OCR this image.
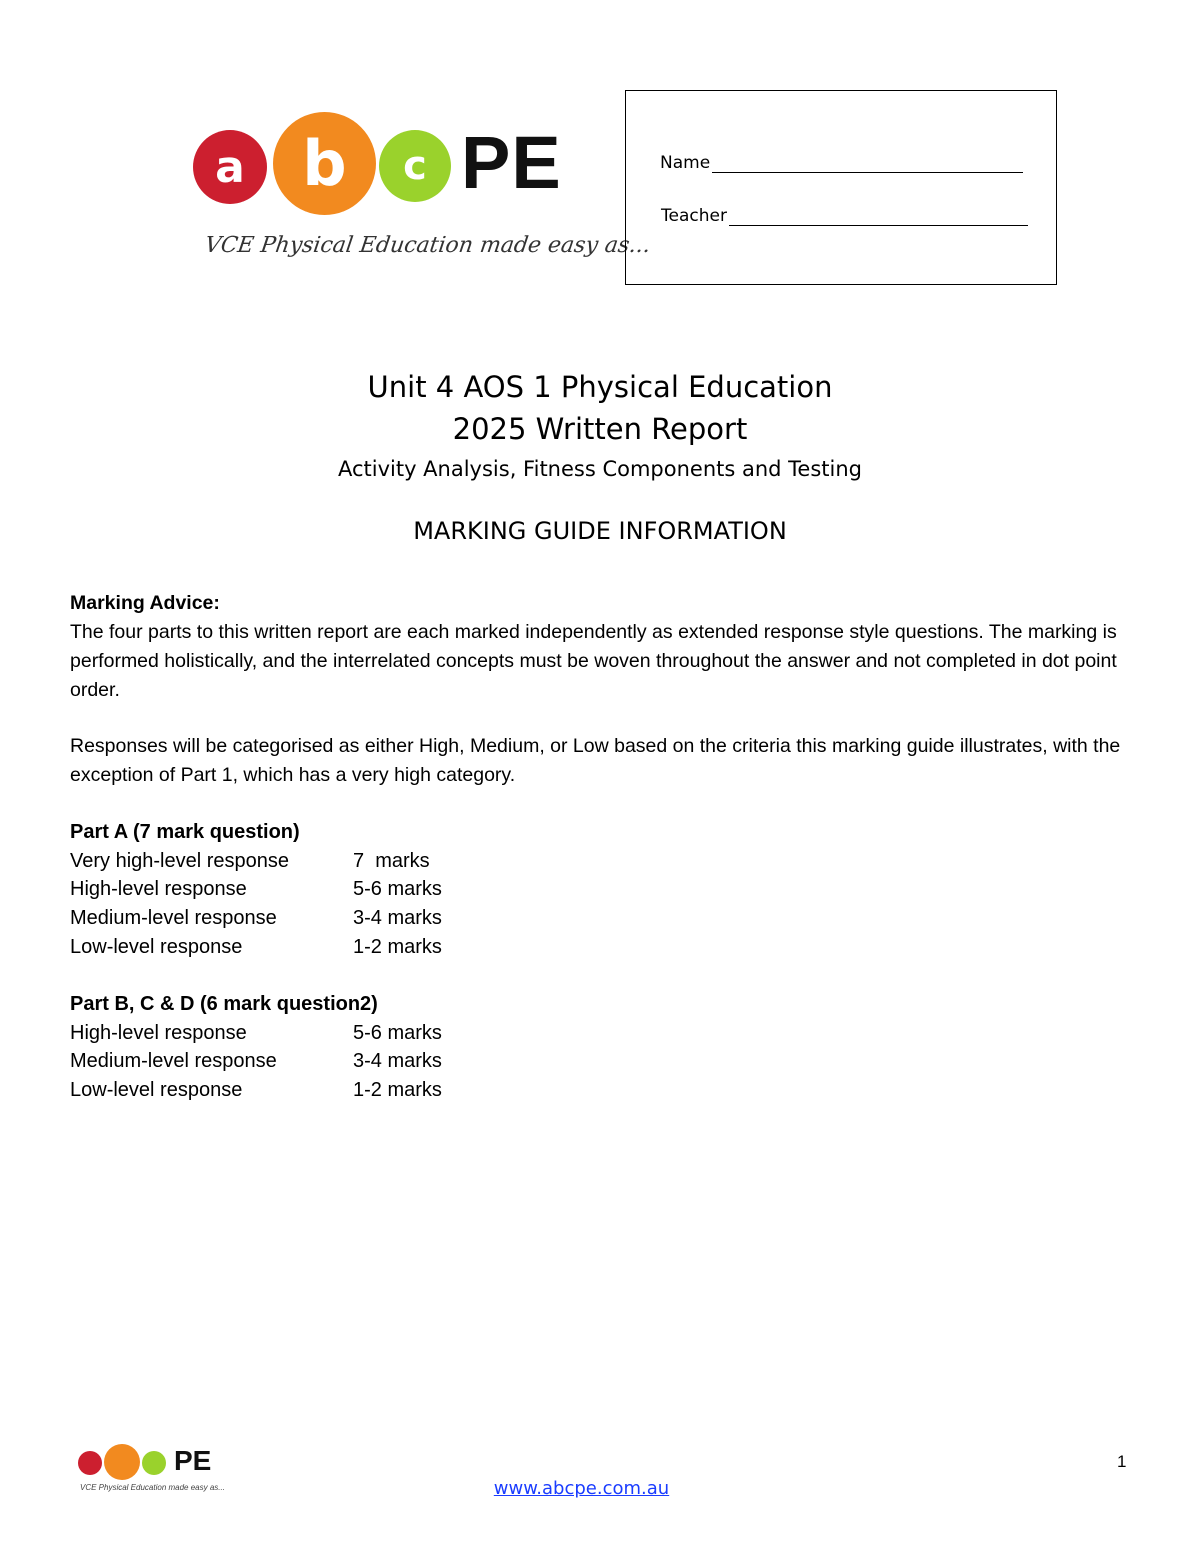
a b	c PE
VCE Physical Education made easy as...
Name
Teacher
Unit 4 AOS 1 Physical Education
2025 Written Report
Activity Analysis, Fitness Components and Testing
MARKING GUIDE INFORMATION

Marking Advice:

The four parts to this written report are each marked independently as extended response style questions. The marking is performed holistically, and the interrelated concepts must be woven throughout the answer and not completed in dot point order.

Responses will be categorised as either High, Medium, or Low based on the criteria this marking guide illustrates, with the exception of Part 1, which has a very high category.

Part A (7 mark question)
Very high-level response	7  marks
High-level response	5-6 marks
Medium-level response	3-4 marks
Low-level response	1-2 marks
Part B, C & D (6 mark question2)
High-level response	5-6 marks
Medium-level response	3-4 marks
Low-level response	1-2 marks
PE
VCE Physical Education made easy as...
1
www.abcpe.com.au
